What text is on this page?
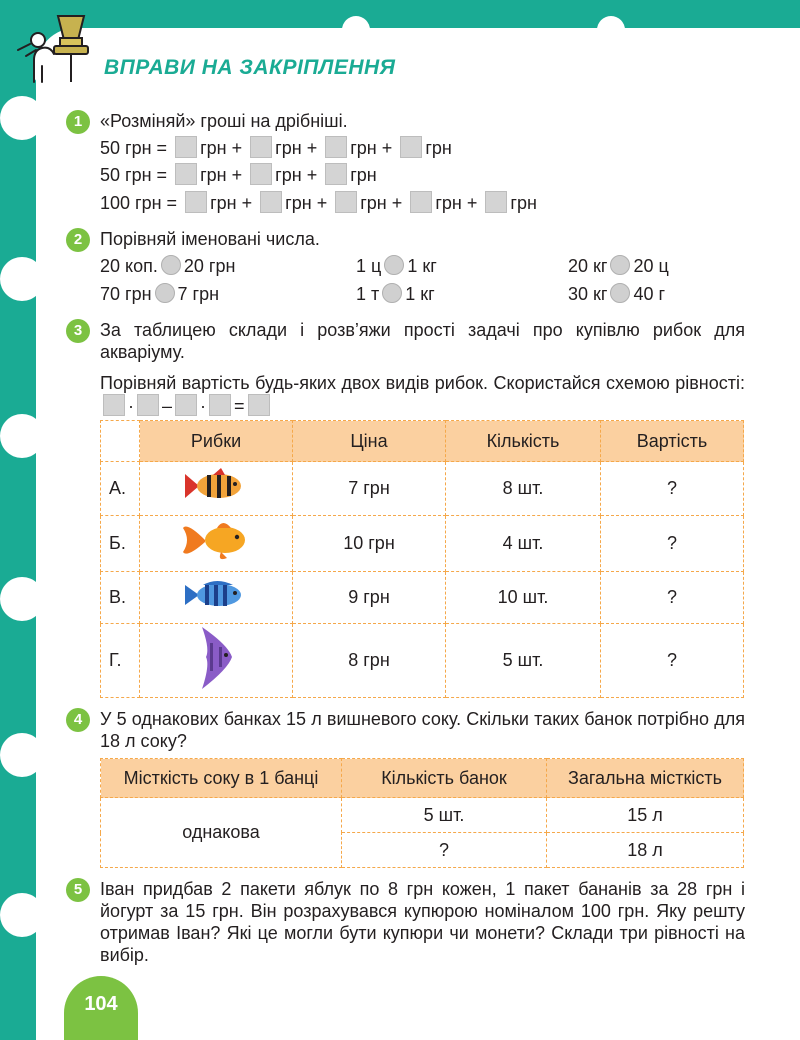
ВПРАВИ НА ЗАКРІПЛЕННЯ
1 «Розміняй» гроші на дрібніші.
50 грн = грн + грн + грн + грн
50 грн = грн + грн + грн
100 грн = грн + грн + грн + грн + грн
2 Порівняй іменовані числа.
20 коп. 20 грн	1 ц 1 кг	20 кг 20 ц
70 грн 7 грн	1 т 1 кг	30 кг 40 г
3 За таблицею склади і розв’яжи прості задачі про купівлю рибок для акваріуму.
Порівняй вартість будь-яких двох видів рибок. Скористайся схемою рівності: · – · =
	Рибки	Ціна	Кількість	Вартість
А.		7 грн	8 шт.	?
Б.		10 грн	4 шт.	?
В.		9 грн	10 шт.	?
Г.		8 грн	5 шт.	?
4 У 5 однакових банках 15 л вишневого соку. Скільки таких банок потрібно для 18 л соку?
Місткість соку в 1 банці	Кількість банок	Загальна місткість
однакова	5 шт.	15 л
	?	18 л
5 Іван придбав 2 пакети яблук по 8 грн кожен, 1 пакет бананів за 28 грн і йогурт за 15 грн. Він розрахувався купюрою номіналом 100 грн. Яку решту отримав Іван? Які це могли бути купюри чи монети? Склади три рівності на вибір.
104
